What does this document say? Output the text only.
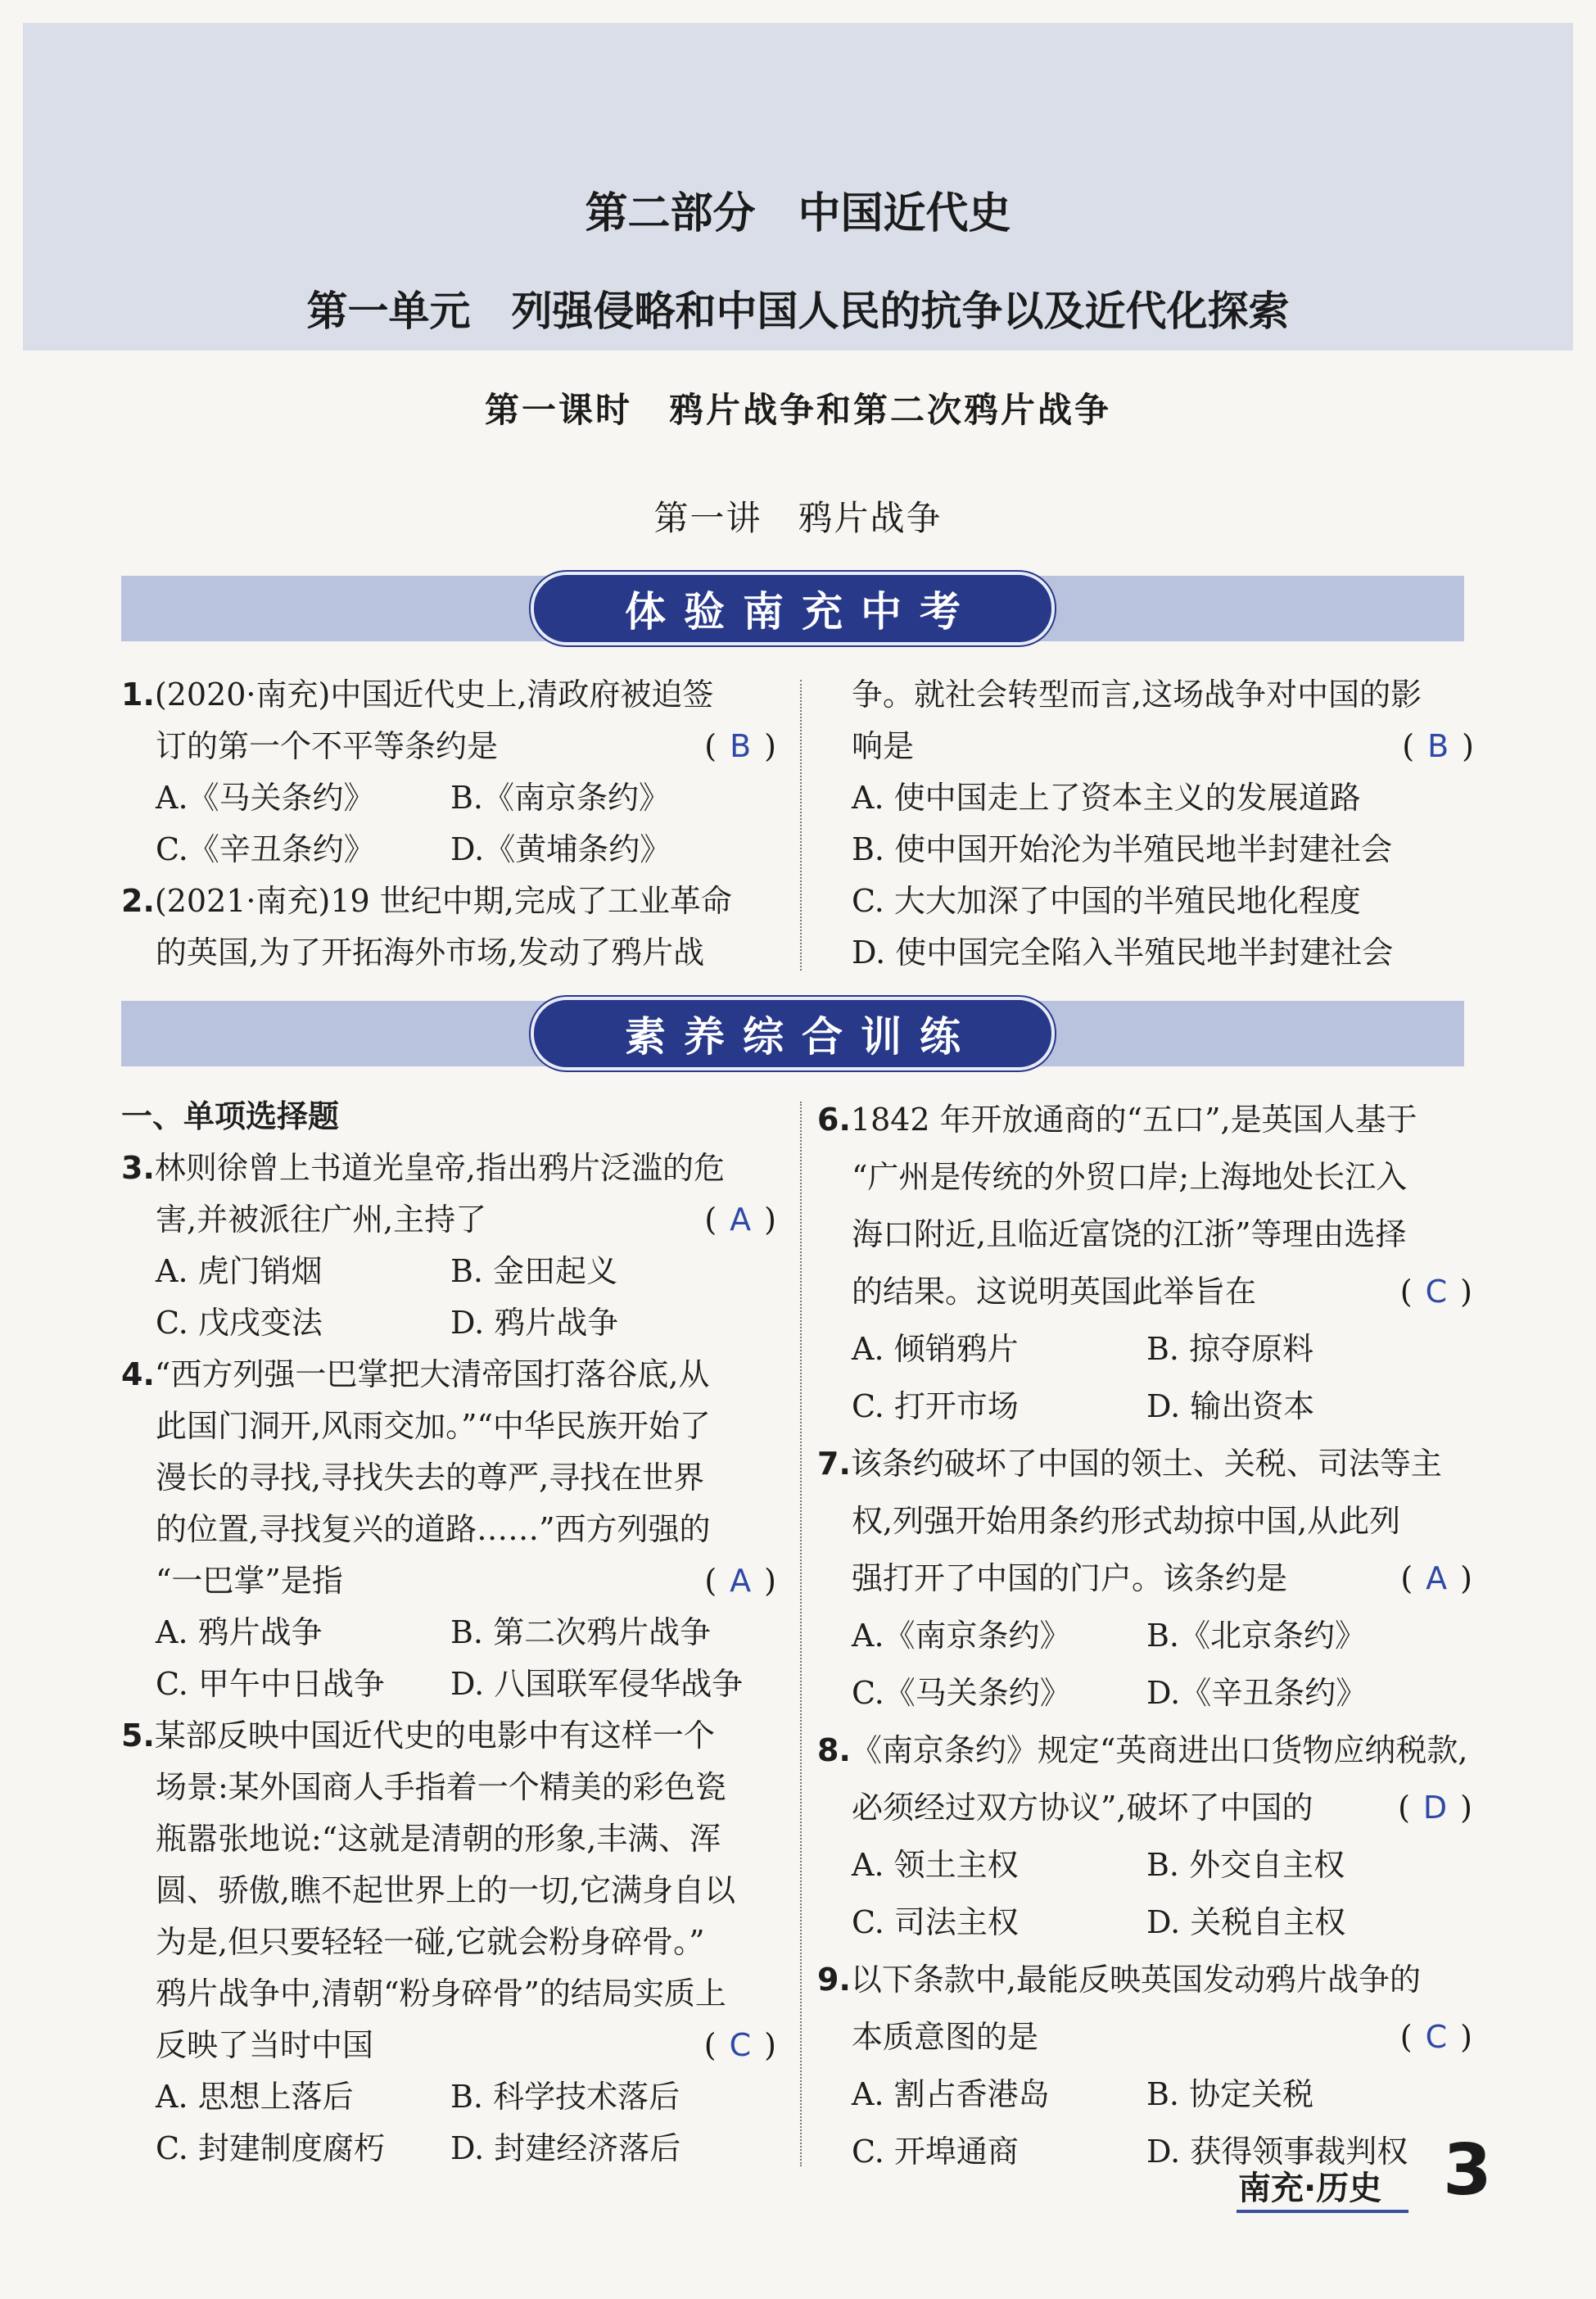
第二部分　中国近代史
第一单元　列强侵略和中国人民的抗争以及近代化探索
第一课时　鸦片战争和第二次鸦片战争
第一讲　鸦片战争
体验南充中考

1.(2020·南充)中国近代史上,清政府被迫签

订的第一个不平等条约是	( B )

A.《马关条约》	B.《南京条约》
C.《辛丑条约》	D.《黄埔条约》

2.(2021·南充)19 世纪中期,完成了工业革命

的英国,为了开拓海外市场,发动了鸦片战

争。就社会转型而言,这场战争对中国的影

响是	( B )

A. 使中国走上了资本主义的发展道路

B. 使中国开始沦为半殖民地半封建社会

C. 大大加深了中国的半殖民地化程度

D. 使中国完全陷入半殖民地半封建社会

素养综合训练

一、单项选择题

3.林则徐曾上书道光皇帝,指出鸦片泛滥的危

害,并被派往广州,主持了	( A )

A. 虎门销烟	B. 金田起义
C. 戊戌变法	D. 鸦片战争

4.“西方列强一巴掌把大清帝国打落谷底,从

此国门洞开,风雨交加。”“中华民族开始了

漫长的寻找,寻找失去的尊严,寻找在世界

的位置,寻找复兴的道路……”西方列强的

“一巴掌”是指	( A )

A. 鸦片战争	B. 第二次鸦片战争
C. 甲午中日战争	D. 八国联军侵华战争

5.某部反映中国近代史的电影中有这样一个

场景:某外国商人手指着一个精美的彩色瓷

瓶嚣张地说:“这就是清朝的形象,丰满、浑

圆、骄傲,瞧不起世界上的一切,它满身自以

为是,但只要轻轻一碰,它就会粉身碎骨。”

鸦片战争中,清朝“粉身碎骨”的结局实质上

反映了当时中国	( C )

A. 思想上落后	B. 科学技术落后
C. 封建制度腐朽	D. 封建经济落后

6.1842 年开放通商的“五口”,是英国人基于

“广州是传统的外贸口岸;上海地处长江入

海口附近,且临近富饶的江浙”等理由选择

的结果。这说明英国此举旨在	( C )

A. 倾销鸦片	B. 掠夺原料
C. 打开市场	D. 输出资本

7.该条约破坏了中国的领土、关税、司法等主

权,列强开始用条约形式劫掠中国,从此列

强打开了中国的门户。该条约是	( A )

A.《南京条约》	B.《北京条约》
C.《马关条约》	D.《辛丑条约》

8.《南京条约》规定“英商进出口货物应纳税款,

必须经过双方协议”,破坏了中国的	( D )

A. 领土主权	B. 外交自主权
C. 司法主权	D. 关税自主权

9.以下条款中,最能反映英国发动鸦片战争的

本质意图的是	( C )

A. 割占香港岛	B. 协定关税
C. 开埠通商	D. 获得领事裁判权
南充·历史 3
